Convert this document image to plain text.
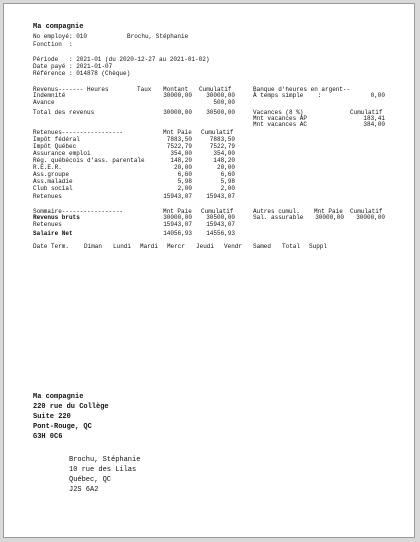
Ma compagnie
No employé: 010	Brochu, Stéphanie
Fonction  :
Période   : 2021-01 (du 2020-12-27 au 2021-01-02)
Date payé : 2021-01-07
Référence : 014878 (Chèque)
Revenus------- Heures	Taux Montant Cumulatif
Indemnité	30000,00 30000,00
Avance	500,00
Total des revenus	30000,00 30500,00
Banque d'heures en argent--
À temps simple    :	0,00
Vacances (8 %)	Cumulatif
Mnt vacances AP	183,41
Mnt vacances AC	384,00
Retenues-----------------	Mnt Paie Cumulatif
Impôt fédéral	7883,50	7883,50
Impôt Québec	7522,79	7522,79
Assurance emploi	354,00	354,00
Rég. québécois d'ass. parentale	148,20	148,20
R.E.E.R.	20,00	20,00
Ass.groupe	6,60	6,60
Ass.maladie	5,98	5,98
Club social	2,00	2,00
Retenues	15943,07 15943,07
Sommaire-----------------	Mnt Paie Cumulatif
Revenus bruts	30000,00 30500,00
Retenues	15943,07 15943,07
Salaire Net	14056,93 14556,93
Autres cumul. Mnt Paie Cumulatif
Sal. assurable 30000,00 30000,00
Date Term. Diman Lundi Mardi Mercr Jeudi Vendr Samed Total Suppl
Ma compagnie
220 rue du Collège
Suite 220
Pont-Rouge, QC
G3H 0C6
Brochu, Stéphanie
10 rue des Lilas
Québec, QC
J2S 6A2
